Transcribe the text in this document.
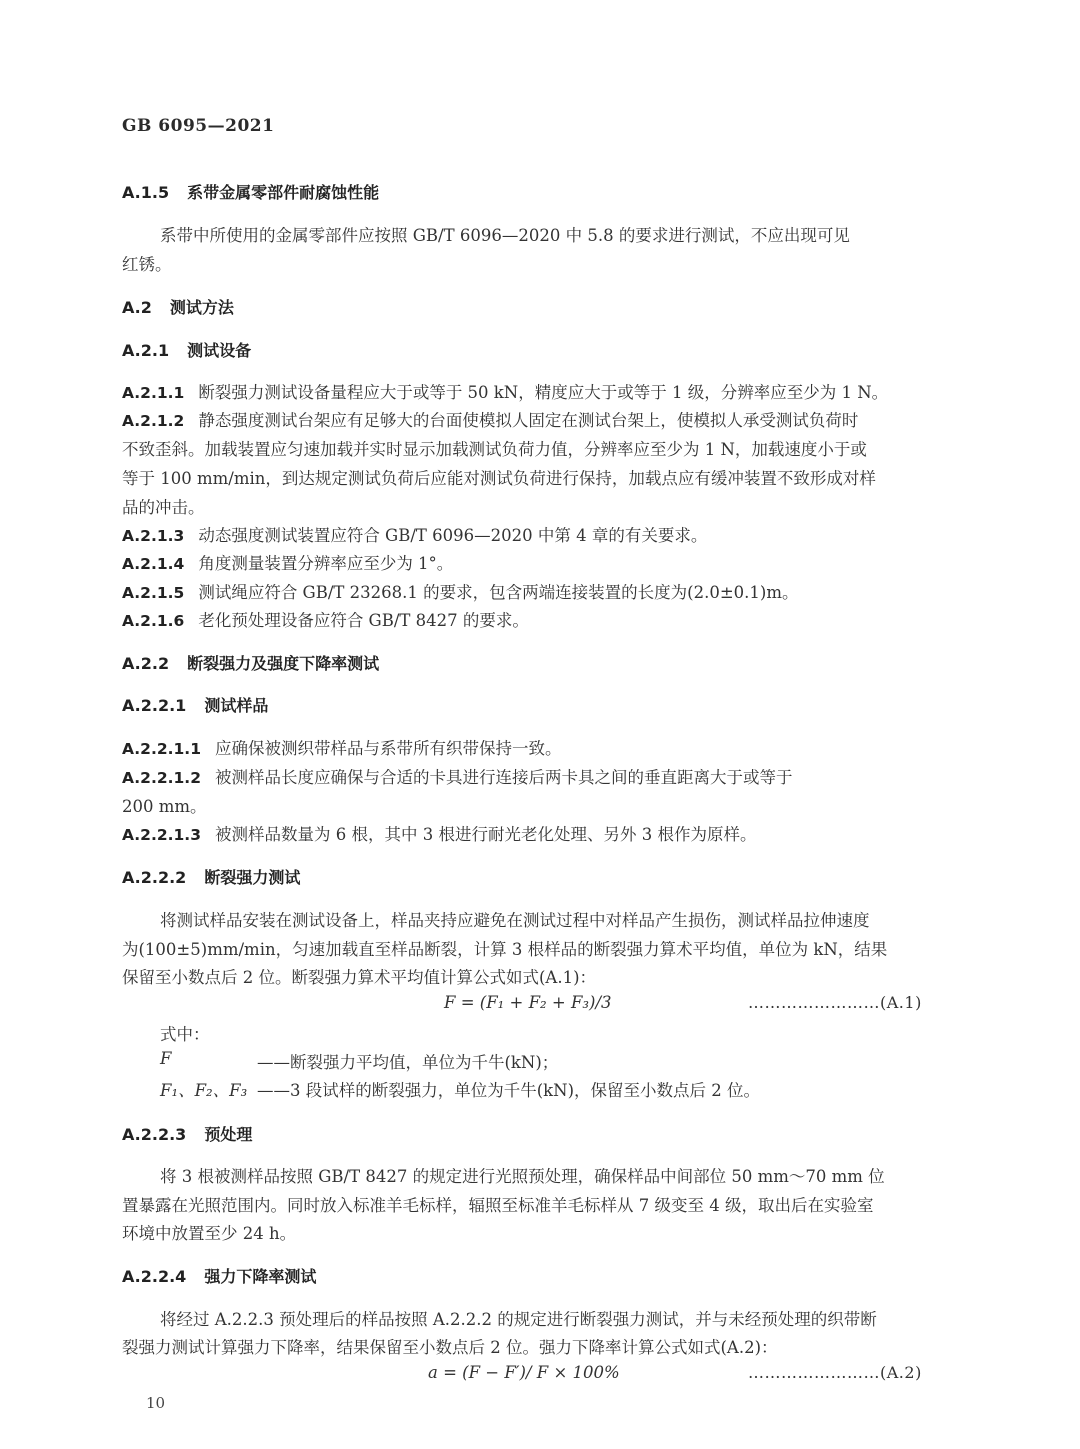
GB 6095—2021
A.1.5 系带金属零部件耐腐蚀性能
系带中所使用的金属零部件应按照 GB/T 6096—2020 中 5.8 的要求进行测试，不应出现可见
红锈。
A.2 测试方法
A.2.1 测试设备
A.2.1.1 断裂强力测试设备量程应大于或等于 50 kN，精度应大于或等于 1 级，分辨率应至少为 1 N。
A.2.1.2 静态强度测试台架应有足够大的台面使模拟人固定在测试台架上，使模拟人承受测试负荷时
不致歪斜。加载装置应匀速加载并实时显示加载测试负荷力值，分辨率应至少为 1 N，加载速度小于或
等于 100 mm/min，到达规定测试负荷后应能对测试负荷进行保持，加载点应有缓冲装置不致形成对样
品的冲击。
A.2.1.3 动态强度测试装置应符合 GB/T 6096—2020 中第 4 章的有关要求。
A.2.1.4 角度测量装置分辨率应至少为 1°。
A.2.1.5 测试绳应符合 GB/T 23268.1 的要求，包含两端连接装置的长度为(2.0±0.1)m。
A.2.1.6 老化预处理设备应符合 GB/T 8427 的要求。
A.2.2 断裂强力及强度下降率测试
A.2.2.1 测试样品
A.2.2.1.1 应确保被测织带样品与系带所有织带保持一致。
A.2.2.1.2 被测样品长度应确保与合适的卡具进行连接后两卡具之间的垂直距离大于或等于
200 mm。
A.2.2.1.3 被测样品数量为 6 根，其中 3 根进行耐光老化处理、另外 3 根作为原样。
A.2.2.2 断裂强力测试
将测试样品安装在测试设备上，样品夹持应避免在测试过程中对样品产生损伤，测试样品拉伸速度
为(100±5)mm/min，匀速加载直至样品断裂，计算 3 根样品的断裂强力算术平均值，单位为 kN，结果
保留至小数点后 2 位。断裂强力算术平均值计算公式如式(A.1)：
F = (F₁ + F₂ + F₃)/3	……………………(A.1)
式中：
F	——断裂强力平均值，单位为千牛(kN)；
F₁、F₂、F₃ ——3 段试样的断裂强力，单位为千牛(kN)，保留至小数点后 2 位。
A.2.2.3 预处理
将 3 根被测样品按照 GB/T 8427 的规定进行光照预处理，确保样品中间部位 50 mm～70 mm 位
置暴露在光照范围内。同时放入标准羊毛标样，辐照至标准羊毛标样从 7 级变至 4 级，取出后在实验室
环境中放置至少 24 h。
A.2.2.4 强力下降率测试
将经过 A.2.2.3 预处理后的样品按照 A.2.2.2 的规定进行断裂强力测试，并与未经预处理的织带断
裂强力测试计算强力下降率，结果保留至小数点后 2 位。强力下降率计算公式如式(A.2)：
a = (F − F′)/ F × 100%	……………………(A.2)
10
